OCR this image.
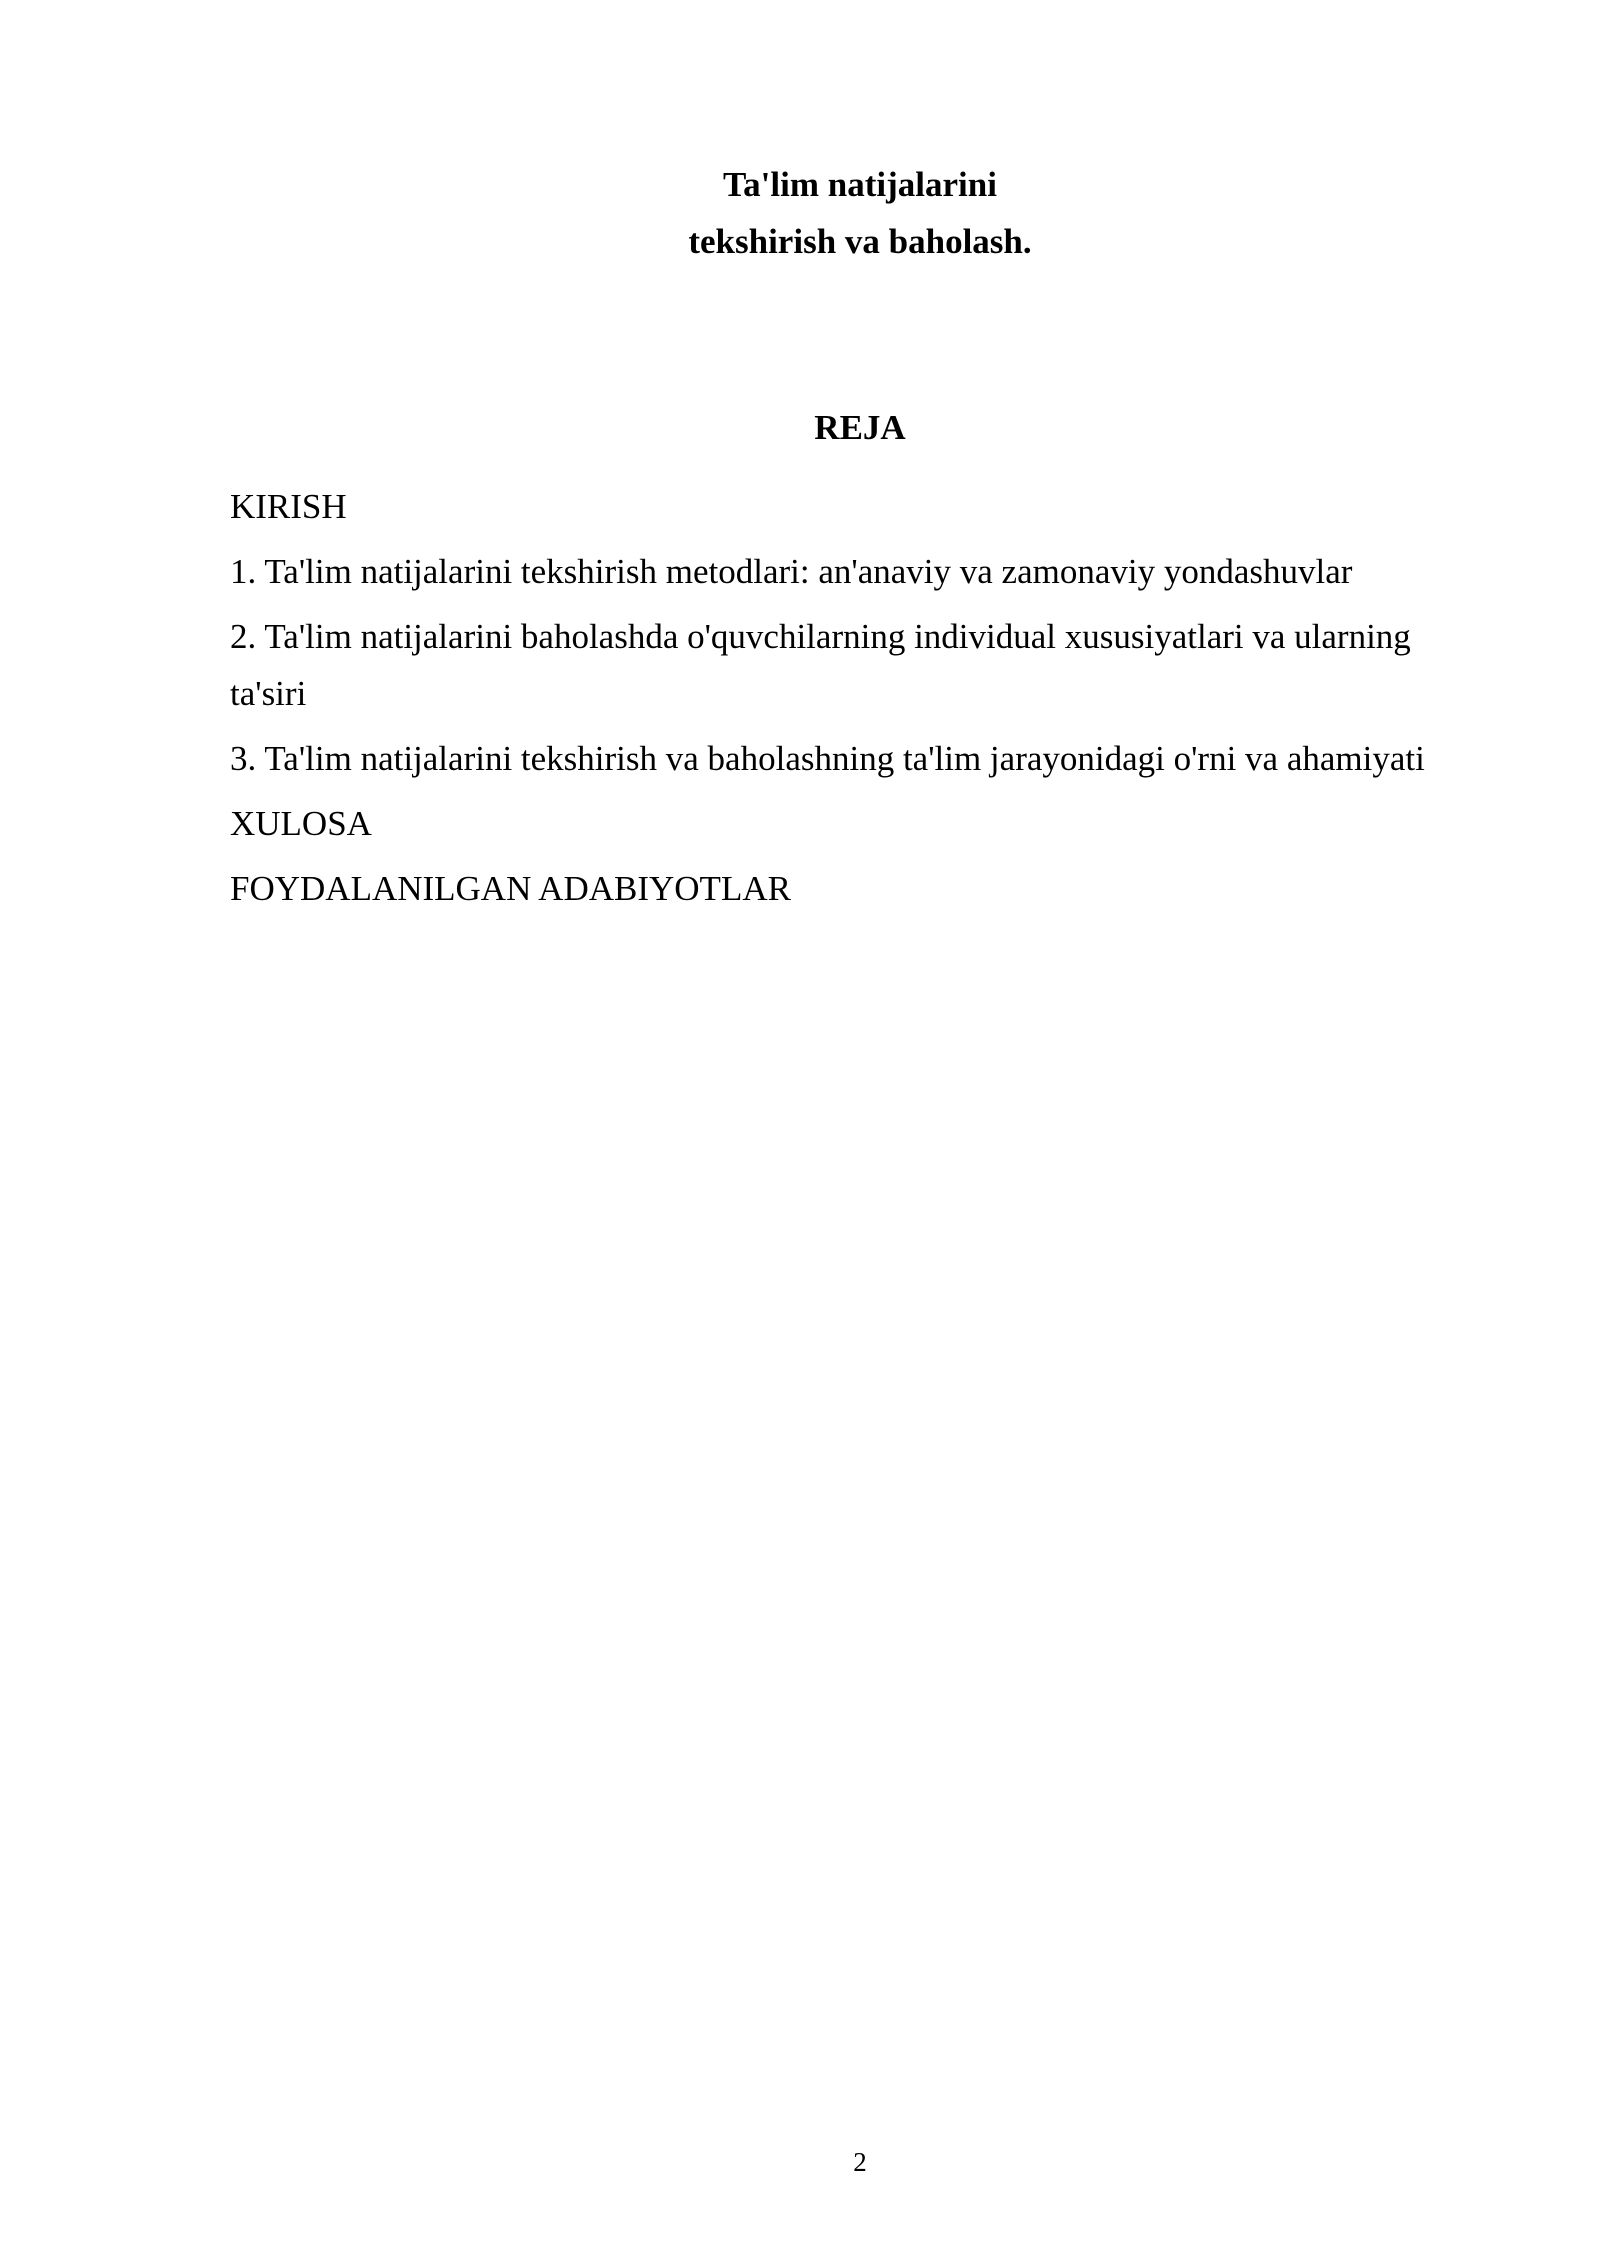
Ta'lim natijalarini
tekshirish va baholash.
REJA
KIRISH
1. Ta'lim natijalarini tekshirish metodlari: an'anaviy va zamonaviy yondashuvlar
2. Ta'lim natijalarini baholashda o'quvchilarning individual xususiyatlari va ularning ta'siri
3. Ta'lim natijalarini tekshirish va baholashning ta'lim jarayonidagi o'rni va ahamiyati
XULOSA
FOYDALANILGAN ADABIYOTLAR
2
